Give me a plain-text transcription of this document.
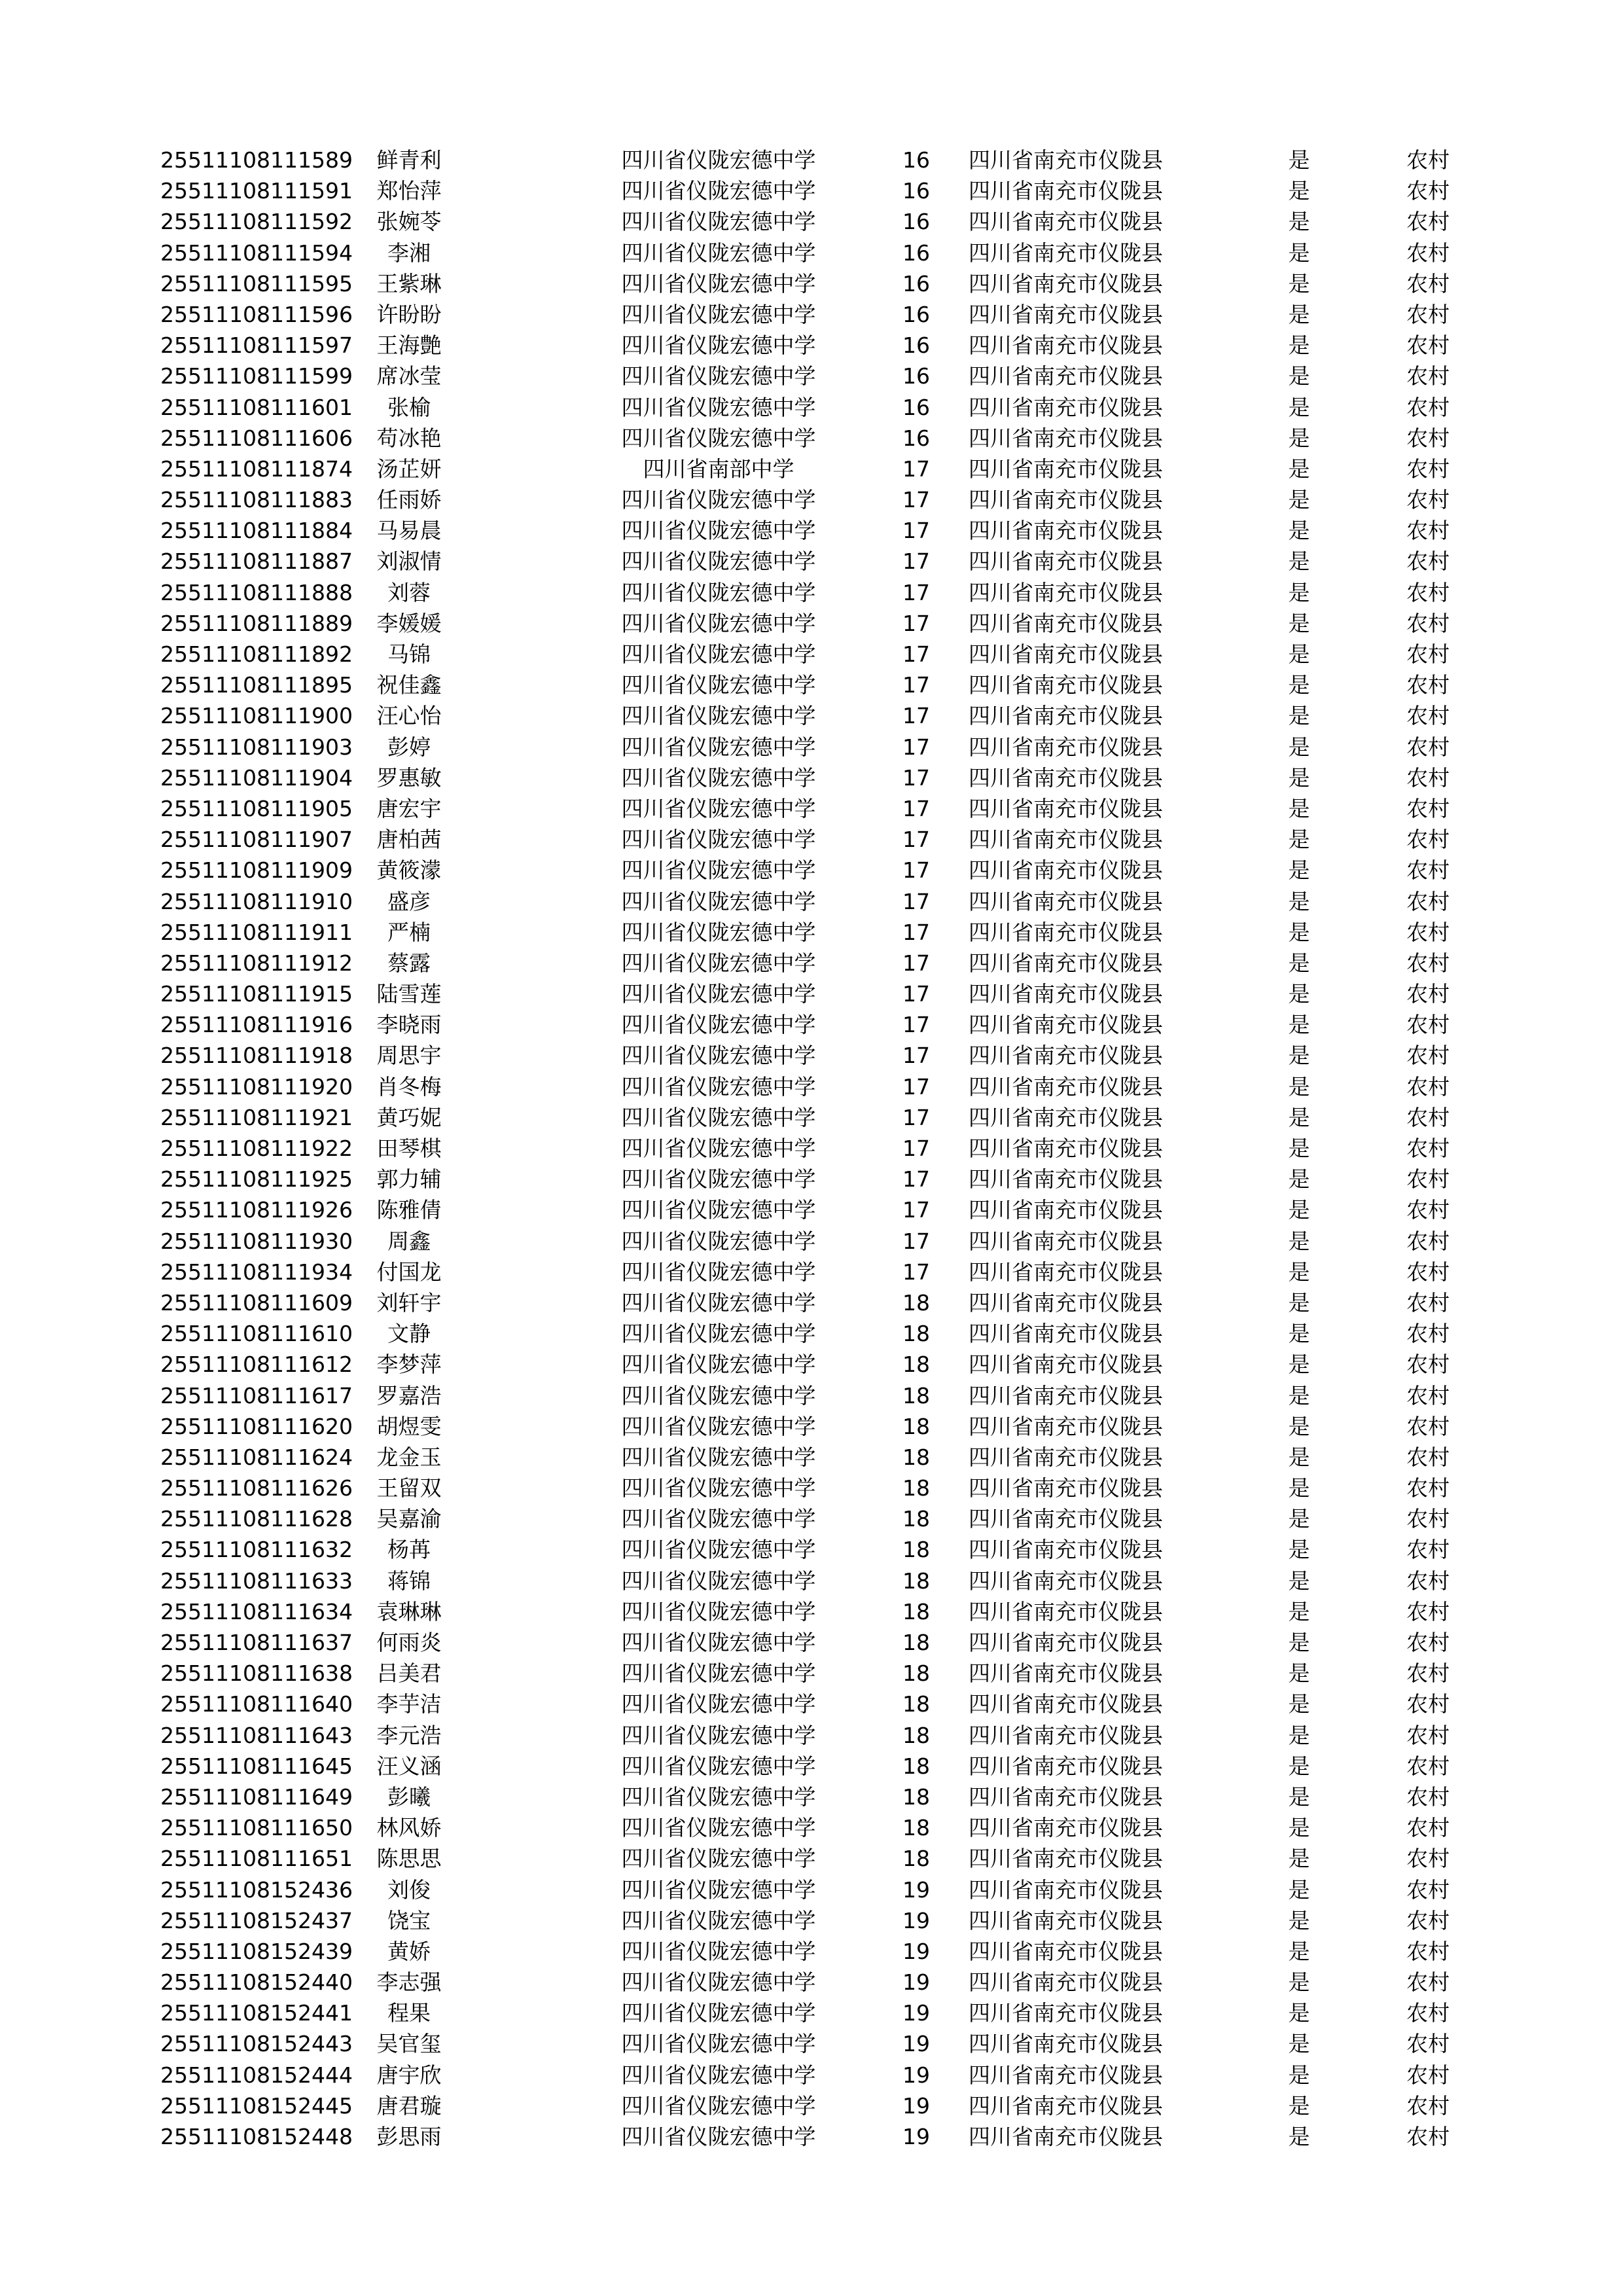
25511108111589	鲜青利	四川省仪陇宏德中学	16	四川省南充市仪陇县	是	农村
25511108111591	郑怡萍	四川省仪陇宏德中学	16	四川省南充市仪陇县	是	农村
25511108111592	张婉苓	四川省仪陇宏德中学	16	四川省南充市仪陇县	是	农村
25511108111594	李湘	四川省仪陇宏德中学	16	四川省南充市仪陇县	是	农村
25511108111595	王紫琳	四川省仪陇宏德中学	16	四川省南充市仪陇县	是	农村
25511108111596	许盼盼	四川省仪陇宏德中学	16	四川省南充市仪陇县	是	农村
25511108111597	王海艶	四川省仪陇宏德中学	16	四川省南充市仪陇县	是	农村
25511108111599	席冰莹	四川省仪陇宏德中学	16	四川省南充市仪陇县	是	农村
25511108111601	张榆	四川省仪陇宏德中学	16	四川省南充市仪陇县	是	农村
25511108111606	苟冰艳	四川省仪陇宏德中学	16	四川省南充市仪陇县	是	农村
25511108111874	汤芷妍	四川省南部中学	17	四川省南充市仪陇县	是	农村
25511108111883	任雨娇	四川省仪陇宏德中学	17	四川省南充市仪陇县	是	农村
25511108111884	马易晨	四川省仪陇宏德中学	17	四川省南充市仪陇县	是	农村
25511108111887	刘淑情	四川省仪陇宏德中学	17	四川省南充市仪陇县	是	农村
25511108111888	刘蓉	四川省仪陇宏德中学	17	四川省南充市仪陇县	是	农村
25511108111889	李媛媛	四川省仪陇宏德中学	17	四川省南充市仪陇县	是	农村
25511108111892	马锦	四川省仪陇宏德中学	17	四川省南充市仪陇县	是	农村
25511108111895	祝佳鑫	四川省仪陇宏德中学	17	四川省南充市仪陇县	是	农村
25511108111900	汪心怡	四川省仪陇宏德中学	17	四川省南充市仪陇县	是	农村
25511108111903	彭婷	四川省仪陇宏德中学	17	四川省南充市仪陇县	是	农村
25511108111904	罗惠敏	四川省仪陇宏德中学	17	四川省南充市仪陇县	是	农村
25511108111905	唐宏宇	四川省仪陇宏德中学	17	四川省南充市仪陇县	是	农村
25511108111907	唐柏茜	四川省仪陇宏德中学	17	四川省南充市仪陇县	是	农村
25511108111909	黄筱濛	四川省仪陇宏德中学	17	四川省南充市仪陇县	是	农村
25511108111910	盛彦	四川省仪陇宏德中学	17	四川省南充市仪陇县	是	农村
25511108111911	严楠	四川省仪陇宏德中学	17	四川省南充市仪陇县	是	农村
25511108111912	蔡露	四川省仪陇宏德中学	17	四川省南充市仪陇县	是	农村
25511108111915	陆雪莲	四川省仪陇宏德中学	17	四川省南充市仪陇县	是	农村
25511108111916	李晓雨	四川省仪陇宏德中学	17	四川省南充市仪陇县	是	农村
25511108111918	周思宇	四川省仪陇宏德中学	17	四川省南充市仪陇县	是	农村
25511108111920	肖冬梅	四川省仪陇宏德中学	17	四川省南充市仪陇县	是	农村
25511108111921	黄巧妮	四川省仪陇宏德中学	17	四川省南充市仪陇县	是	农村
25511108111922	田琴棋	四川省仪陇宏德中学	17	四川省南充市仪陇县	是	农村
25511108111925	郭力辅	四川省仪陇宏德中学	17	四川省南充市仪陇县	是	农村
25511108111926	陈雅倩	四川省仪陇宏德中学	17	四川省南充市仪陇县	是	农村
25511108111930	周鑫	四川省仪陇宏德中学	17	四川省南充市仪陇县	是	农村
25511108111934	付国龙	四川省仪陇宏德中学	17	四川省南充市仪陇县	是	农村
25511108111609	刘轩宇	四川省仪陇宏德中学	18	四川省南充市仪陇县	是	农村
25511108111610	文静	四川省仪陇宏德中学	18	四川省南充市仪陇县	是	农村
25511108111612	李梦萍	四川省仪陇宏德中学	18	四川省南充市仪陇县	是	农村
25511108111617	罗嘉浩	四川省仪陇宏德中学	18	四川省南充市仪陇县	是	农村
25511108111620	胡煜雯	四川省仪陇宏德中学	18	四川省南充市仪陇县	是	农村
25511108111624	龙金玉	四川省仪陇宏德中学	18	四川省南充市仪陇县	是	农村
25511108111626	王留双	四川省仪陇宏德中学	18	四川省南充市仪陇县	是	农村
25511108111628	吴嘉渝	四川省仪陇宏德中学	18	四川省南充市仪陇县	是	农村
25511108111632	杨苒	四川省仪陇宏德中学	18	四川省南充市仪陇县	是	农村
25511108111633	蒋锦	四川省仪陇宏德中学	18	四川省南充市仪陇县	是	农村
25511108111634	袁琳琳	四川省仪陇宏德中学	18	四川省南充市仪陇县	是	农村
25511108111637	何雨炎	四川省仪陇宏德中学	18	四川省南充市仪陇县	是	农村
25511108111638	吕美君	四川省仪陇宏德中学	18	四川省南充市仪陇县	是	农村
25511108111640	李芋洁	四川省仪陇宏德中学	18	四川省南充市仪陇县	是	农村
25511108111643	李元浩	四川省仪陇宏德中学	18	四川省南充市仪陇县	是	农村
25511108111645	汪义涵	四川省仪陇宏德中学	18	四川省南充市仪陇县	是	农村
25511108111649	彭曦	四川省仪陇宏德中学	18	四川省南充市仪陇县	是	农村
25511108111650	林风娇	四川省仪陇宏德中学	18	四川省南充市仪陇县	是	农村
25511108111651	陈思思	四川省仪陇宏德中学	18	四川省南充市仪陇县	是	农村
25511108152436	刘俊	四川省仪陇宏德中学	19	四川省南充市仪陇县	是	农村
25511108152437	饶宝	四川省仪陇宏德中学	19	四川省南充市仪陇县	是	农村
25511108152439	黄娇	四川省仪陇宏德中学	19	四川省南充市仪陇县	是	农村
25511108152440	李志强	四川省仪陇宏德中学	19	四川省南充市仪陇县	是	农村
25511108152441	程果	四川省仪陇宏德中学	19	四川省南充市仪陇县	是	农村
25511108152443	吴官玺	四川省仪陇宏德中学	19	四川省南充市仪陇县	是	农村
25511108152444	唐宇欣	四川省仪陇宏德中学	19	四川省南充市仪陇县	是	农村
25511108152445	唐君璇	四川省仪陇宏德中学	19	四川省南充市仪陇县	是	农村
25511108152448	彭思雨	四川省仪陇宏德中学	19	四川省南充市仪陇县	是	农村
